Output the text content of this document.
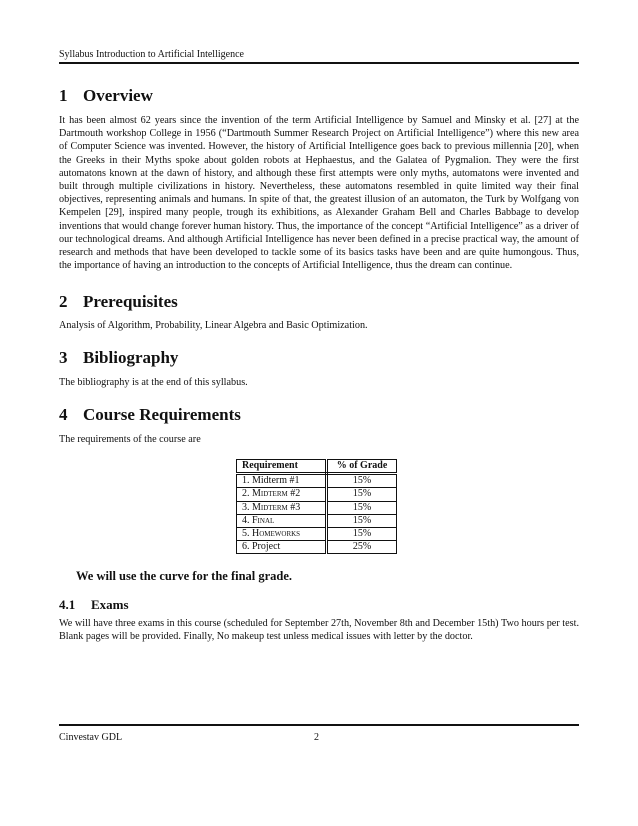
Syllabus Introduction to Artificial Intelligence
1 Overview
It has been almost 62 years since the invention of the term Artificial Intelligence by Samuel and Minsky et al. [27] at the Dartmouth workshop College in 1956 (“Dartmouth Summer Research Project on Artificial Intelligence”) where this new area of Computer Science was invented. However, the history of Artificial Intelligence goes back to previous millennia [20], when the Greeks in their Myths spoke about golden robots at Hephaestus, and the Galatea of Pygmalion. They were the first automatons known at the dawn of history, and although these first attempts were only myths, automatons were invented and built through multiple civilizations in history. Nevertheless, these automatons resembled in quite limited way their final objectives, representing animals and humans. In spite of that, the greatest illusion of an automaton, the Turk by Wolfgang von Kempelen [29], inspired many people, trough its exhibitions, as Alexander Graham Bell and Charles Babbage to develop inventions that would change forever human history. Thus, the importance of the concept “Artificial Intelligence” as a driver of our technological dreams. And although Artificial Intelligence has never been defined in a precise practical way, the amount of research and methods that have been developed to tackle some of its basics tasks have been and are quite humongous. Thus, the importance of having an introduction to the concepts of Artificial Intelligence, thus the dream can continue.
2 Prerequisites
Analysis of Algorithm, Probability, Linear Algebra and Basic Optimization.
3 Bibliography
The bibliography is at the end of this syllabus.
4 Course Requirements
The requirements of the course are
Requirement	% of Grade
1. Midterm #1	15%
2. Midterm #2	15%
3. Midterm #3	15%
4. Final	15%
5. Homeworks	15%
6. Project	25%
We will use the curve for the final grade.
4.1 Exams
We will have three exams in this course (scheduled for September 27th, November 8th and December 15th) Two hours per test. Blank pages will be provided. Finally, No makeup test unless medical issues with letter by the doctor.
Cinvestav GDL	2
